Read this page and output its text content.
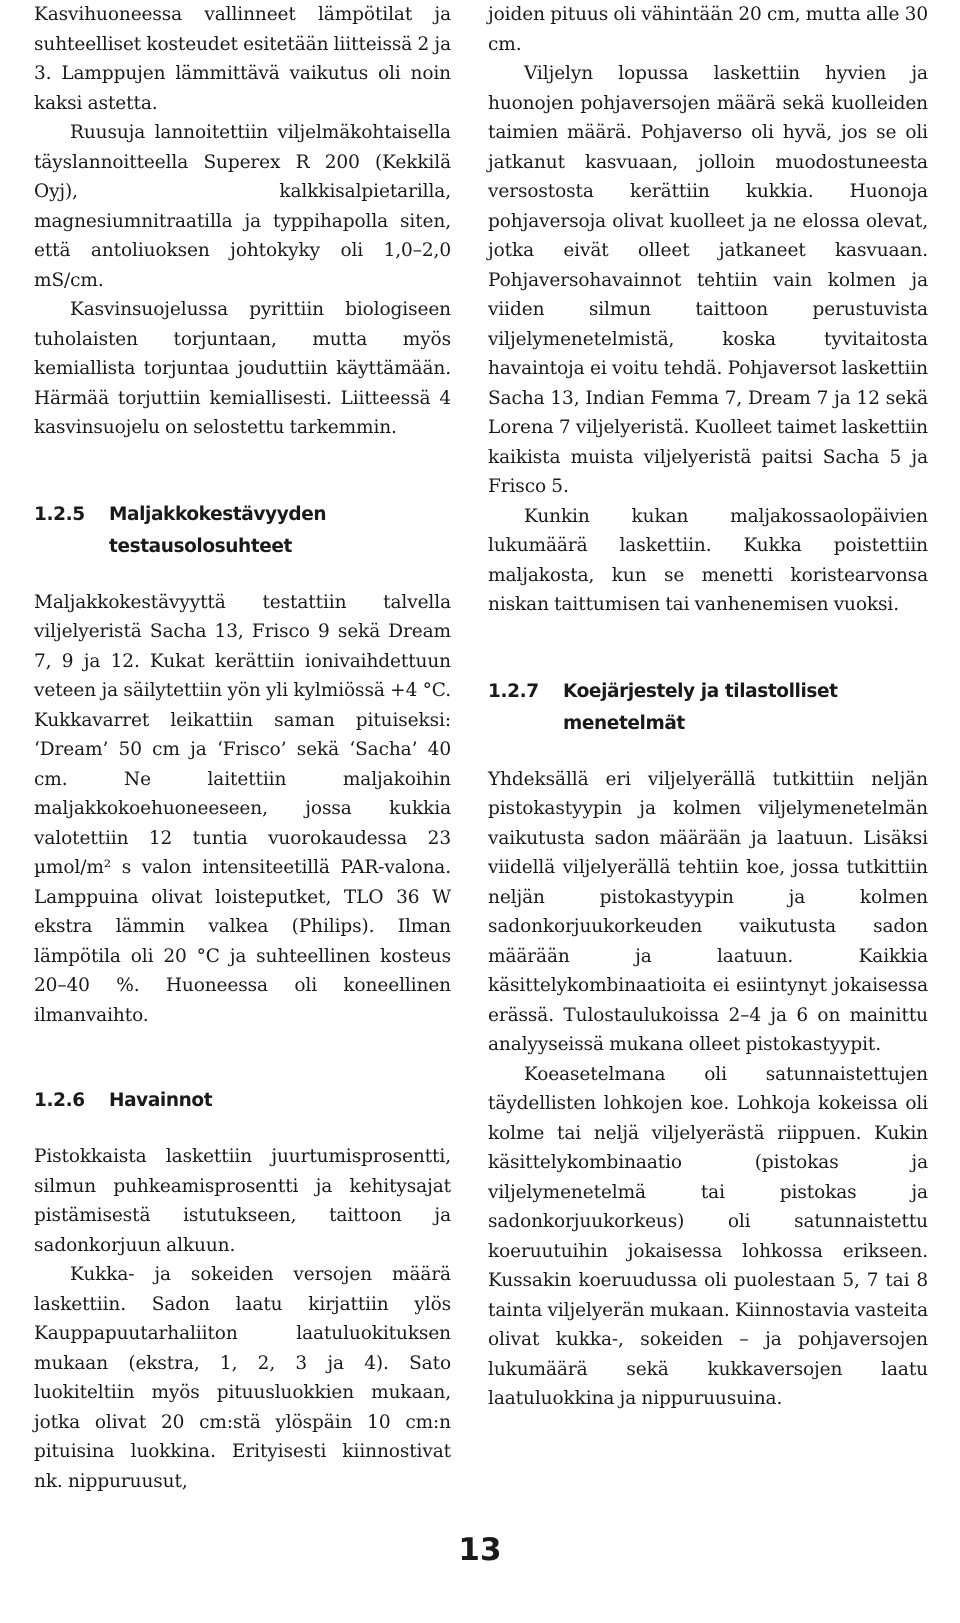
Kasvihuoneessa vallinneet lämpötilat ja suhteelliset kosteudet esitetään liitteissä 2 ja 3. Lamppujen lämmittävä vaikutus oli noin kaksi astetta.

Ruusuja lannoitettiin viljelmäkohtaisella täyslannoitteella Superex R 200 (Kekkilä Oyj), kalkkisalpietarilla, magnesiumnitraatilla ja typpihapolla siten, että antoliuoksen johtokyky oli 1,0–2,0 mS/cm.

Kasvinsuojelussa pyrittiin biologiseen tuholaisten torjuntaan, mutta myös kemiallista torjuntaa jouduttiin käyttämään. Härmää torjuttiin kemiallisesti. Liitteessä 4 kasvinsuojelu on selostettu tarkemmin.

1.2.5	Maljakkokestävyyden testausolosuhteet

Maljakkokestävyyttä testattiin talvella viljelyeristä Sacha 13, Frisco 9 sekä Dream 7, 9 ja 12. Kukat kerättiin ionivaihdettuun veteen ja säilytettiin yön yli kylmiössä +4 °C. Kukkavarret leikattiin saman pituiseksi: ‘Dream’ 50 cm ja ‘Frisco’ sekä ‘Sacha’ 40 cm. Ne laitettiin maljakoihin maljakkokoehuoneeseen, jossa kukkia valotettiin 12 tuntia vuorokaudessa 23 µmol/m² s valon intensiteetillä PAR-valona. Lamppuina olivat loisteputket, TLO 36 W ekstra lämmin valkea (Philips). Ilman lämpötila oli 20 °C ja suhteellinen kosteus 20–40 %. Huoneessa oli koneellinen ilmanvaihto.

1.2.6	Havainnot

Pistokkaista laskettiin juurtumisprosentti, silmun puhkeamisprosentti ja kehitysajat pistämisestä istutukseen, taittoon ja sadonkorjuun alkuun.

Kukka- ja sokeiden versojen määrä laskettiin. Sadon laatu kirjattiin ylös Kauppapuutarhaliiton laatuluokituksen mukaan (ekstra, 1, 2, 3 ja 4). Sato luokiteltiin myös pituusluokkien mukaan, jotka olivat 20 cm:stä ylöspäin 10 cm:n pituisina luokkina. Erityisesti kiinnostivat nk. nippuruusut,

joiden pituus oli vähintään 20 cm, mutta alle 30 cm.

Viljelyn lopussa laskettiin hyvien ja huonojen pohjaversojen määrä sekä kuolleiden taimien määrä. Pohjaverso oli hyvä, jos se oli jatkanut kasvuaan, jolloin muodostuneesta versostosta kerättiin kukkia. Huonoja pohjaversoja olivat kuolleet ja ne elossa olevat, jotka eivät olleet jatkaneet kasvuaan. Pohjaversohavainnot tehtiin vain kolmen ja viiden silmun taittoon perustuvista viljelymenetelmistä, koska tyvitaitosta havaintoja ei voitu tehdä. Pohjaversot laskettiin Sacha 13, Indian Femma 7, Dream 7 ja 12 sekä Lorena 7 viljelyeristä. Kuolleet taimet laskettiin kaikista muista viljelyeristä paitsi Sacha 5 ja Frisco 5.

Kunkin kukan maljakossaolopäivien lukumäärä laskettiin. Kukka poistettiin maljakosta, kun se menetti koristearvonsa niskan taittumisen tai vanhenemisen vuoksi.

1.2.7	Koejärjestely ja tilastolliset menetelmät

Yhdeksällä eri viljelyerällä tutkittiin neljän pistokastyypin ja kolmen viljelymenetelmän vaikutusta sadon määrään ja laatuun. Lisäksi viidellä viljelyerällä tehtiin koe, jossa tutkittiin neljän pistokastyypin ja kolmen sadonkorjuukorkeuden vaikutusta sadon määrään ja laatuun. Kaikkia käsittelykombinaatioita ei esiintynyt jokaisessa erässä. Tulostaulukoissa 2–4 ja 6 on mainittu analyyseissä mukana olleet pistokastyypit.

Koeasetelmana oli satunnaistettujen täydellisten lohkojen koe. Lohkoja kokeissa oli kolme tai neljä viljelyerästä riippuen. Kukin käsittelykombinaatio (pistokas ja viljelymenetelmä tai pistokas ja sadonkorjuukorkeus) oli satunnaistettu koeruutuihin jokaisessa lohkossa erikseen. Kussakin koeruudussa oli puolestaan 5, 7 tai 8 tainta viljelyerän mukaan. Kiinnostavia vasteita olivat kukka-, sokeiden – ja pohjaversojen lukumäärä sekä kukkaversojen laatu laatuluokkina ja nippuruusuina.

13
